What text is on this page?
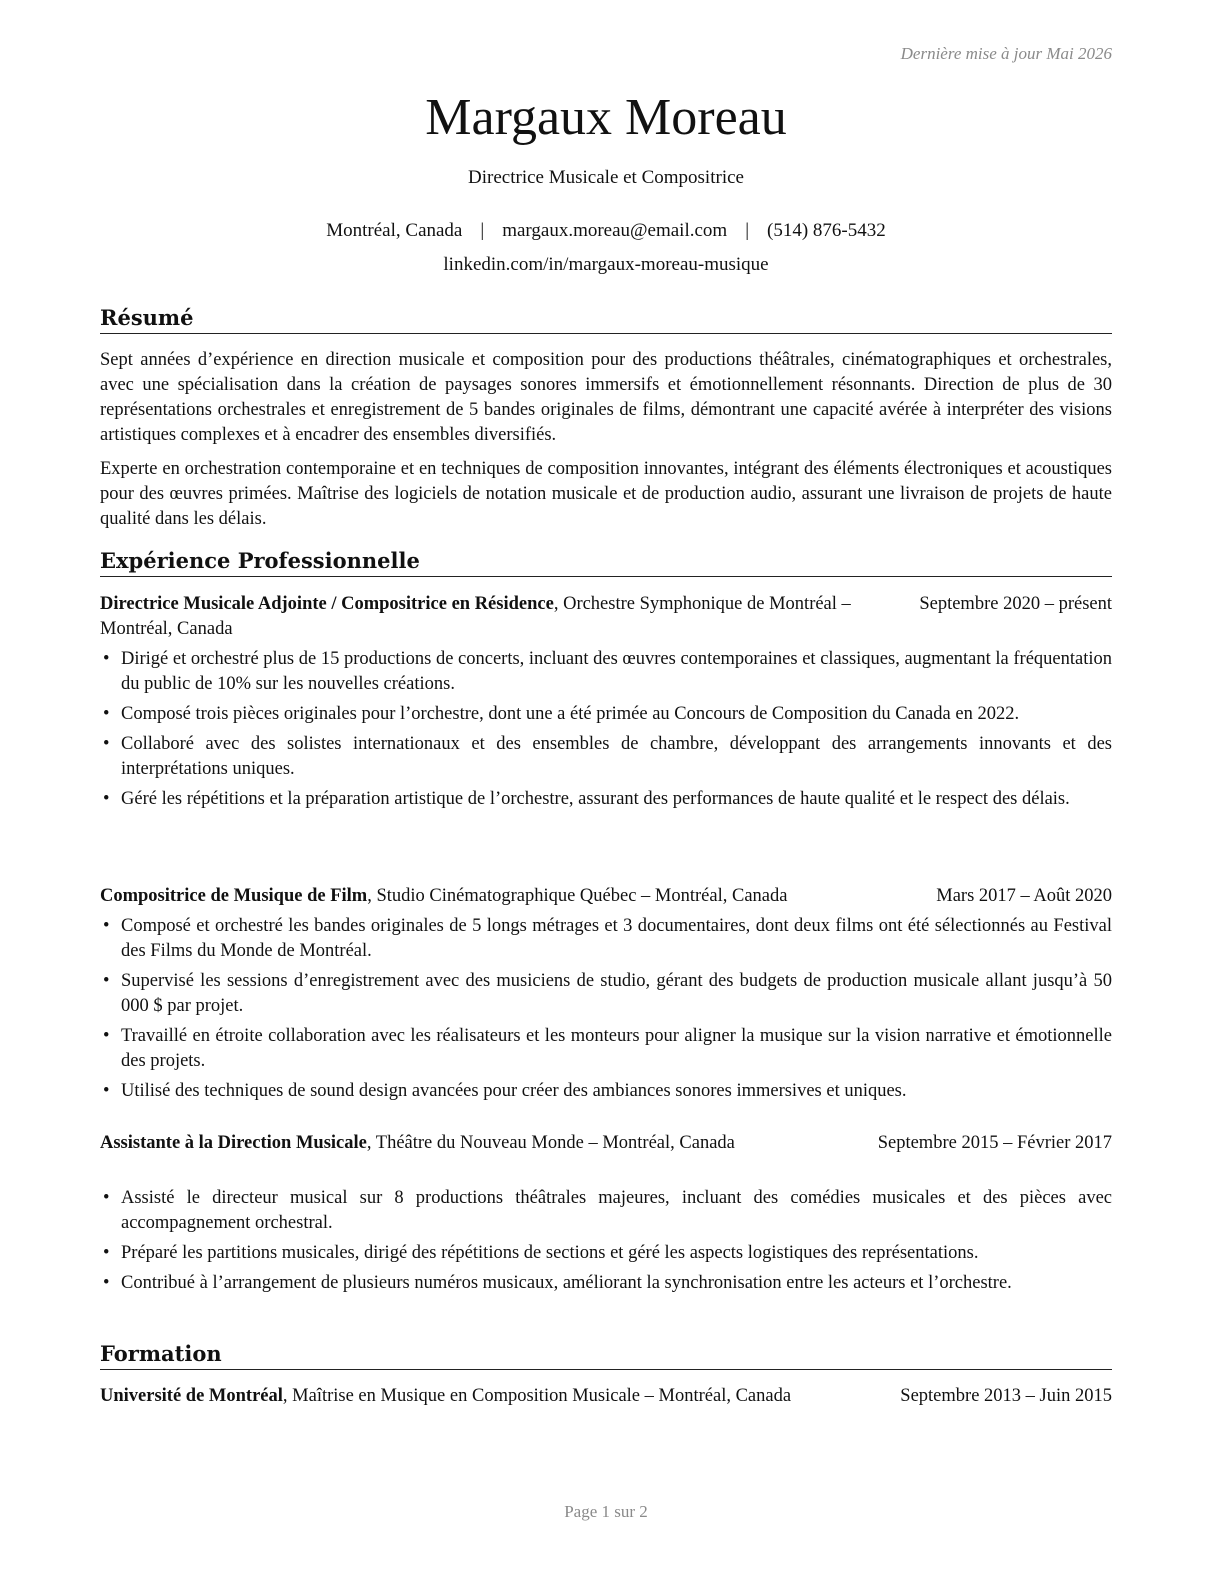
Dernière mise à jour Mai 2026
Margaux Moreau
Directrice Musicale et Compositrice
Montréal, Canada | margaux.moreau@email.com | (514) 876-5432
linkedin.com/in/margaux-moreau-musique
Résumé

Sept années d’expérience en direction musicale et composition pour des productions théâtrales, cinématographiques et orchestrales, avec une spécialisation dans la création de paysages sonores immersifs et émotionnellement résonnants. Direction de plus de 30 représentations orchestrales et enregistrement de 5 bandes originales de films, démontrant une capacité avérée à interpréter des visions artistiques complexes et à encadrer des ensembles diversifiés.

Experte en orchestration contemporaine et en techniques de composition innovantes, intégrant des éléments électroniques et acoustiques pour des œuvres primées. Maîtrise des logiciels de notation musicale et de production audio, assurant une livraison de projets de haute qualité dans les délais.

Expérience Professionnelle
Septembre 2020 – présent
Directrice Musicale Adjointe / Compositrice en Résidence, Orchestre Symphonique de Montréal – Montréal, Canada
• Dirigé et orchestré plus de 15 productions de concerts, incluant des œuvres contemporaines et classiques, augmentant la fréquentation du public de 10% sur les nouvelles créations.
• Composé trois pièces originales pour l’orchestre, dont une a été primée au Concours de Composition du Canada en 2022.
• Collaboré avec des solistes internationaux et des ensembles de chambre, développant des arrangements innovants et des interprétations uniques.
• Géré les répétitions et la préparation artistique de l’orchestre, assurant des performances de haute qualité et le respect des délais.
Mars 2017 – Août 2020
Compositrice de Musique de Film, Studio Cinématographique Québec – Montréal, Canada
• Composé et orchestré les bandes originales de 5 longs métrages et 3 documentaires, dont deux films ont été sélectionnés au Festival des Films du Monde de Montréal.
• Supervisé les sessions d’enregistrement avec des musiciens de studio, gérant des budgets de production musicale allant jusqu’à 50 000 $ par projet.
• Travaillé en étroite collaboration avec les réalisateurs et les monteurs pour aligner la musique sur la vision narrative et émotionnelle des projets.
• Utilisé des techniques de sound design avancées pour créer des ambiances sonores immersives et uniques.
Septembre 2015 – Février 2017
Assistante à la Direction Musicale, Théâtre du Nouveau Monde – Montréal, Canada
• Assisté le directeur musical sur 8 productions théâtrales majeures, incluant des comédies musicales et des pièces avec accompagnement orchestral.
• Préparé les partitions musicales, dirigé des répétitions de sections et géré les aspects logistiques des représentations.
• Contribué à l’arrangement de plusieurs numéros musicaux, améliorant la synchronisation entre les acteurs et l’orchestre.
Formation
Septembre 2013 – Juin 2015
Université de Montréal, Maîtrise en Musique en Composition Musicale – Montréal, Canada
Page 1 sur 2
